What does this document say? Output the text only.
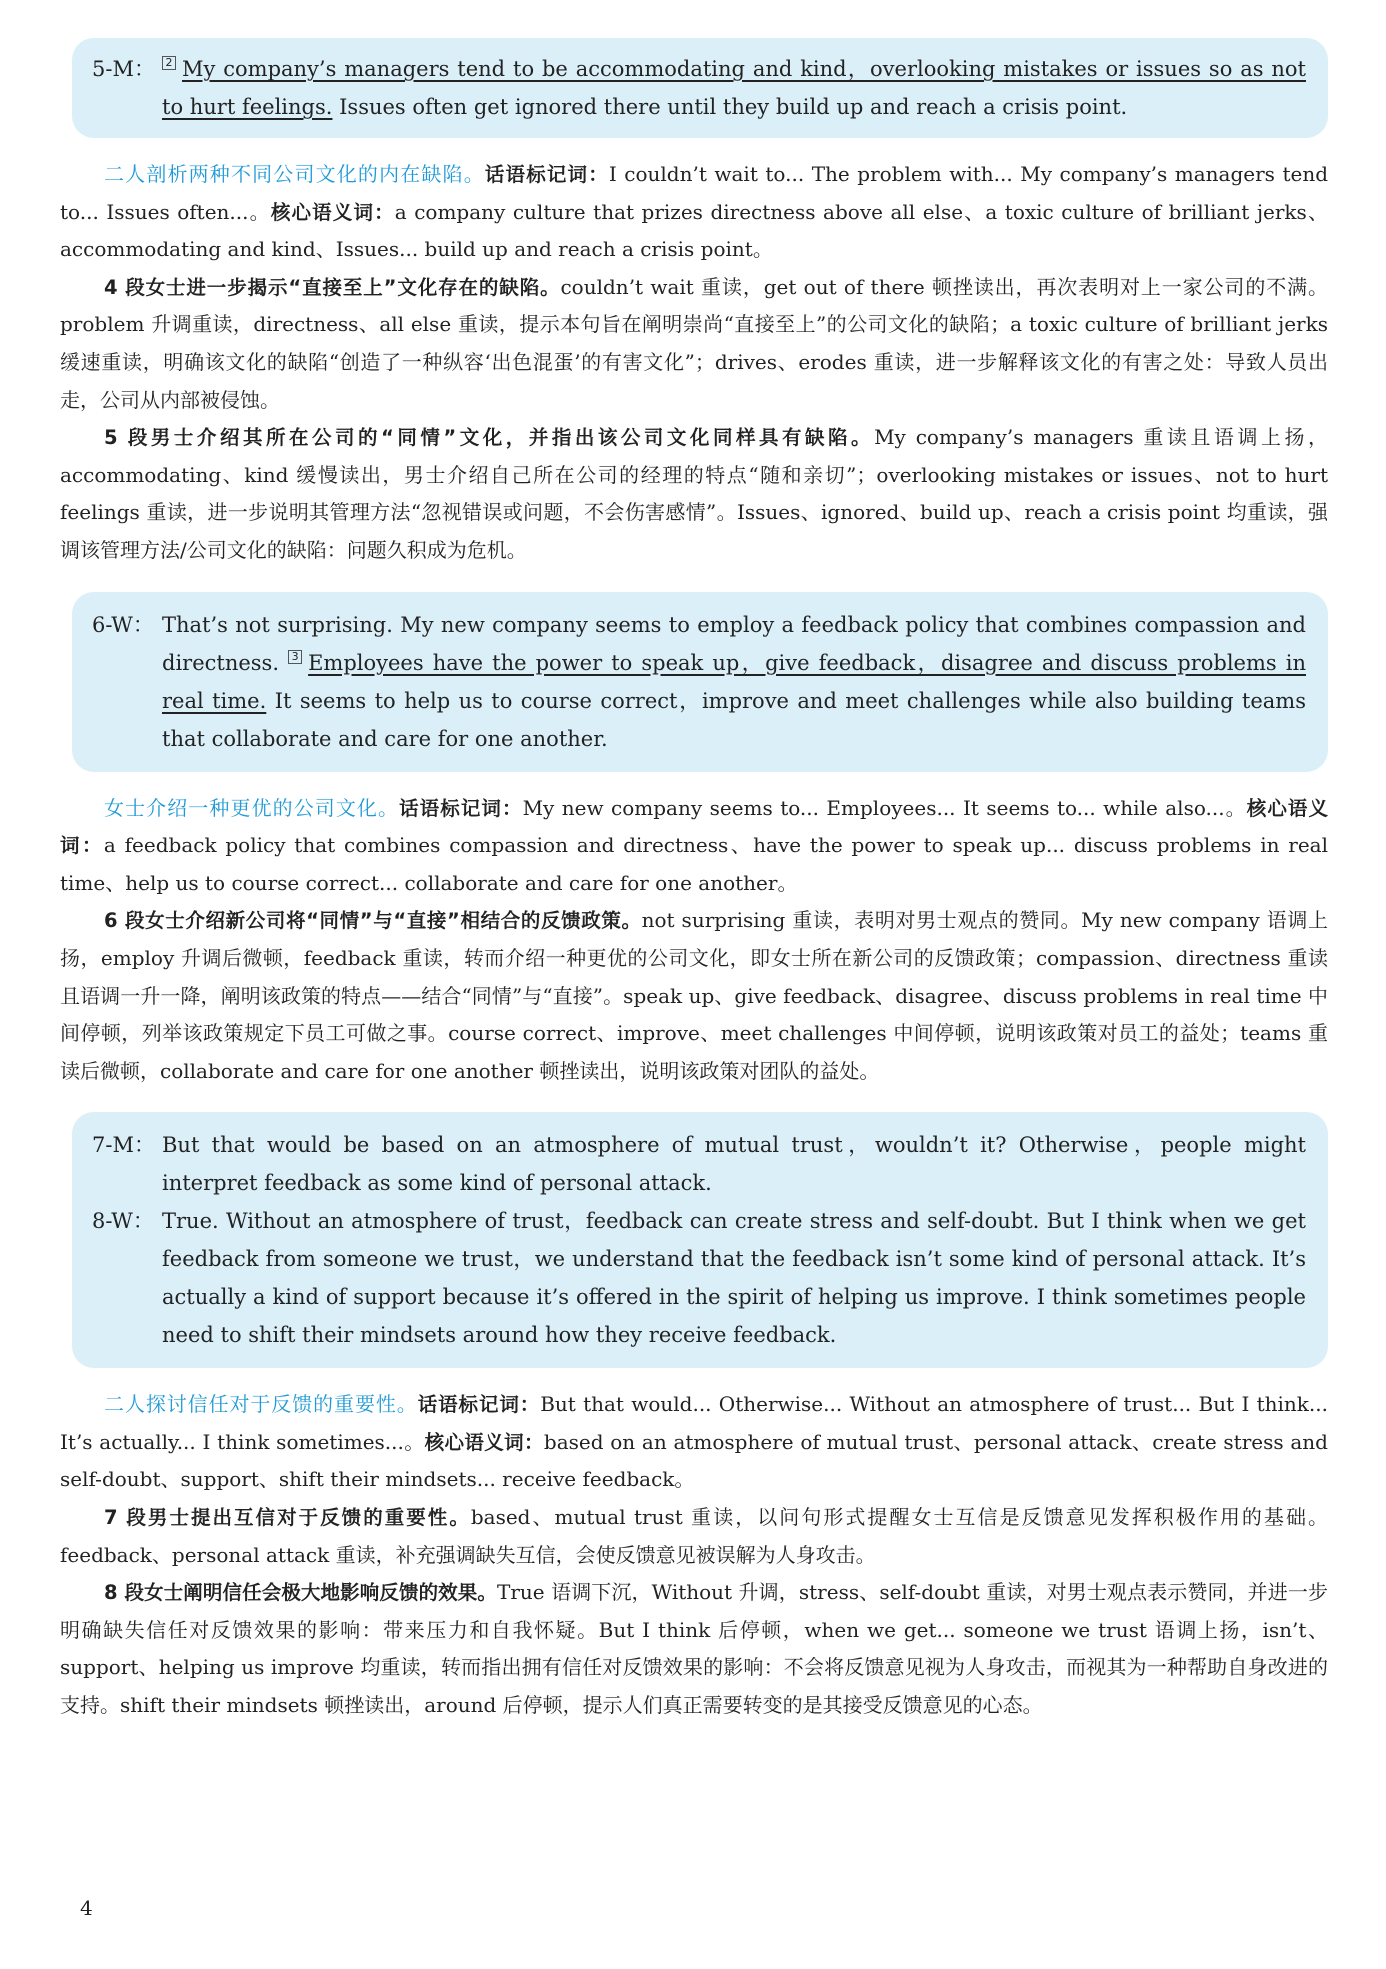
5-M： 2 My company’s managers tend to be accommodating and kind，overlooking mistakes or issues so as not to hurt feelings. Issues often get ignored there until they build up and reach a crisis point.

二人剖析两种不同公司文化的内在缺陷。话语标记词：I couldn’t wait to... The problem with... My company’s managers tend to... Issues often...。核心语义词：a company culture that prizes directness above all else、a toxic culture of brilliant jerks、accommodating and kind、Issues... build up and reach a crisis point。

4 段女士进一步揭示“直接至上”文化存在的缺陷。couldn’t wait 重读，get out of there 顿挫读出，再次表明对上一家公司的不满。problem 升调重读，directness、all else 重读，提示本句旨在阐明崇尚“直接至上”的公司文化的缺陷；a toxic culture of brilliant jerks 缓速重读，明确该文化的缺陷“创造了一种纵容‘出色混蛋’的有害文化”；drives、erodes 重读，进一步解释该文化的有害之处：导致人员出走，公司从内部被侵蚀。

5 段男士介绍其所在公司的“同情”文化，并指出该公司文化同样具有缺陷。My company’s managers 重读且语调上扬，accommodating、kind 缓慢读出，男士介绍自己所在公司的经理的特点“随和亲切”；overlooking mistakes or issues、not to hurt feelings 重读，进一步说明其管理方法“忽视错误或问题，不会伤害感情”。Issues、ignored、build up、reach a crisis point 均重读，强调该管理方法/公司文化的缺陷：问题久积成为危机。

6-W： That’s not surprising. My new company seems to employ a feedback policy that combines compassion and directness. 3 Employees have the power to speak up，give feedback，disagree and discuss problems in real time. It seems to help us to course correct，improve and meet challenges while also building teams that collaborate and care for one another.

女士介绍一种更优的公司文化。话语标记词：My new company seems to... Employees... It seems to... while also...。核心语义词：a feedback policy that combines compassion and directness、have the power to speak up... discuss problems in real time、help us to course correct... collaborate and care for one another。

6 段女士介绍新公司将“同情”与“直接”相结合的反馈政策。not surprising 重读，表明对男士观点的赞同。My new company 语调上扬，employ 升调后微顿，feedback 重读，转而介绍一种更优的公司文化，即女士所在新公司的反馈政策；compassion、directness 重读且语调一升一降，阐明该政策的特点——结合“同情”与“直接”。speak up、give feedback、disagree、discuss problems in real time 中间停顿，列举该政策规定下员工可做之事。course correct、improve、meet challenges 中间停顿，说明该政策对员工的益处；teams 重读后微顿，collaborate and care for one another 顿挫读出，说明该政策对团队的益处。

7-M： But that would be based on an atmosphere of mutual trust，wouldn’t it? Otherwise，people might interpret feedback as some kind of personal attack.
8-W： True. Without an atmosphere of trust，feedback can create stress and self-doubt. But I think when we get feedback from someone we trust，we understand that the feedback isn’t some kind of personal attack. It’s actually a kind of support because it’s offered in the spirit of helping us improve. I think sometimes people need to shift their mindsets around how they receive feedback.

二人探讨信任对于反馈的重要性。话语标记词：But that would... Otherwise... Without an atmosphere of trust... But I think... It’s actually... I think sometimes...。核心语义词：based on an atmosphere of mutual trust、personal attack、create stress and self-doubt、support、shift their mindsets... receive feedback。

7 段男士提出互信对于反馈的重要性。based、mutual trust 重读，以问句形式提醒女士互信是反馈意见发挥积极作用的基础。feedback、personal attack 重读，补充强调缺失互信，会使反馈意见被误解为人身攻击。

8 段女士阐明信任会极大地影响反馈的效果。True 语调下沉，Without 升调，stress、self-doubt 重读，对男士观点表示赞同，并进一步明确缺失信任对反馈效果的影响：带来压力和自我怀疑。But I think 后停顿，when we get... someone we trust 语调上扬，isn’t、support、helping us improve 均重读，转而指出拥有信任对反馈效果的影响：不会将反馈意见视为人身攻击，而视其为一种帮助自身改进的支持。shift their mindsets 顿挫读出，around 后停顿，提示人们真正需要转变的是其接受反馈意见的心态。

4
